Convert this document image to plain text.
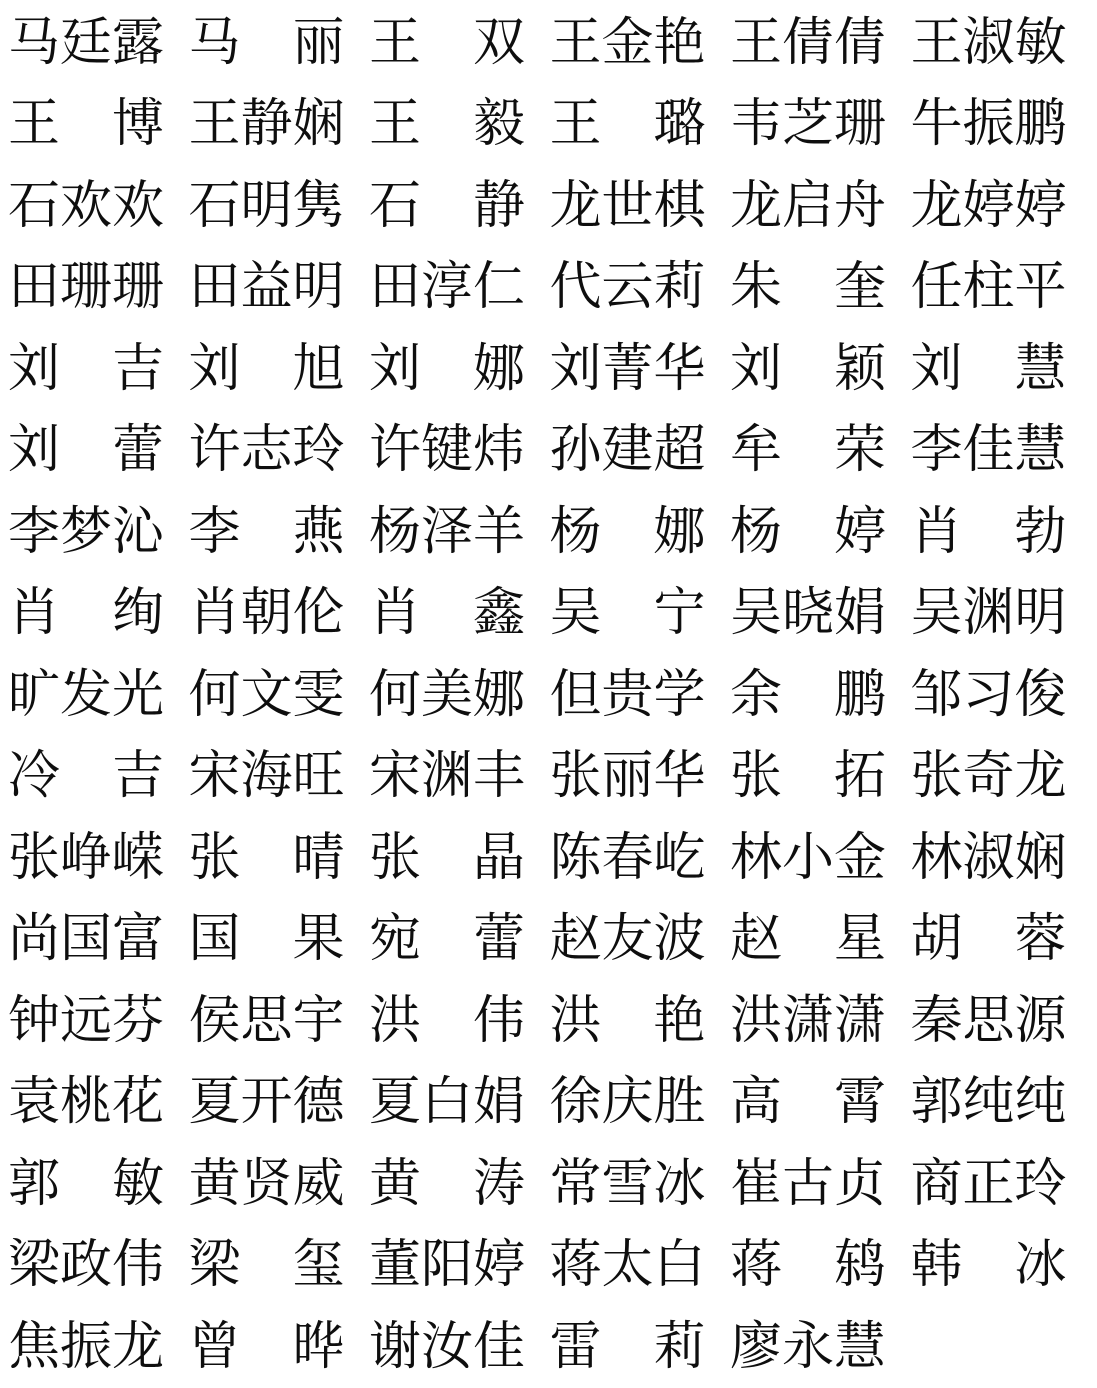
马 廷 露 马 丽 王 双 王 金 艳 王 倩 倩 王 淑 敏
王 博 王 静 娴 王 毅 王 璐 韦 芝 珊 牛 振 鹏
石 欢 欢 石 明 隽 石 静 龙 世 棋 龙 启 舟 龙 婷 婷
田 珊 珊 田 益 明 田 淳 仁 代 云 莉 朱 奎 任 柱 平
刘 吉 刘 旭 刘 娜 刘 菁 华 刘 颖 刘 慧
刘 蕾 许 志 玲 许 键 炜 孙 建 超 牟 荣 李 佳 慧
李 梦 沁 李 燕 杨 泽 羊 杨 娜 杨 婷 肖 勃
肖 绚 肖 朝 伦 肖 鑫 吴 宁 吴 晓 娟 吴 渊 明
旷 发 光 何 文 雯 何 美 娜 但 贵 学 余 鹏 邹 习 俊
冷 吉 宋 海 旺 宋 渊 丰 张 丽 华 张 拓 张 奇 龙
张 峥 嵘 张 晴 张 晶 陈 春 屹 林 小 金 林 淑 娴
尚 国 富 国 果 宛 蕾 赵 友 波 赵 星 胡 蓉
钟 远 芬 侯 思 宇 洪 伟 洪 艳 洪 潇 潇 秦 思 源
袁 桃 花 夏 开 德 夏 白 娟 徐 庆 胜 高 霄 郭 纯 纯
郭 敏 黄 贤 威 黄 涛 常 雪 冰 崔 古 贞 商 正 玲
梁 政 伟 梁 玺 董 阳 婷 蒋 太 白 蒋 鸫 韩 冰
焦 振 龙 曾 晔 谢 汝 佳 雷 莉 廖 永 慧
